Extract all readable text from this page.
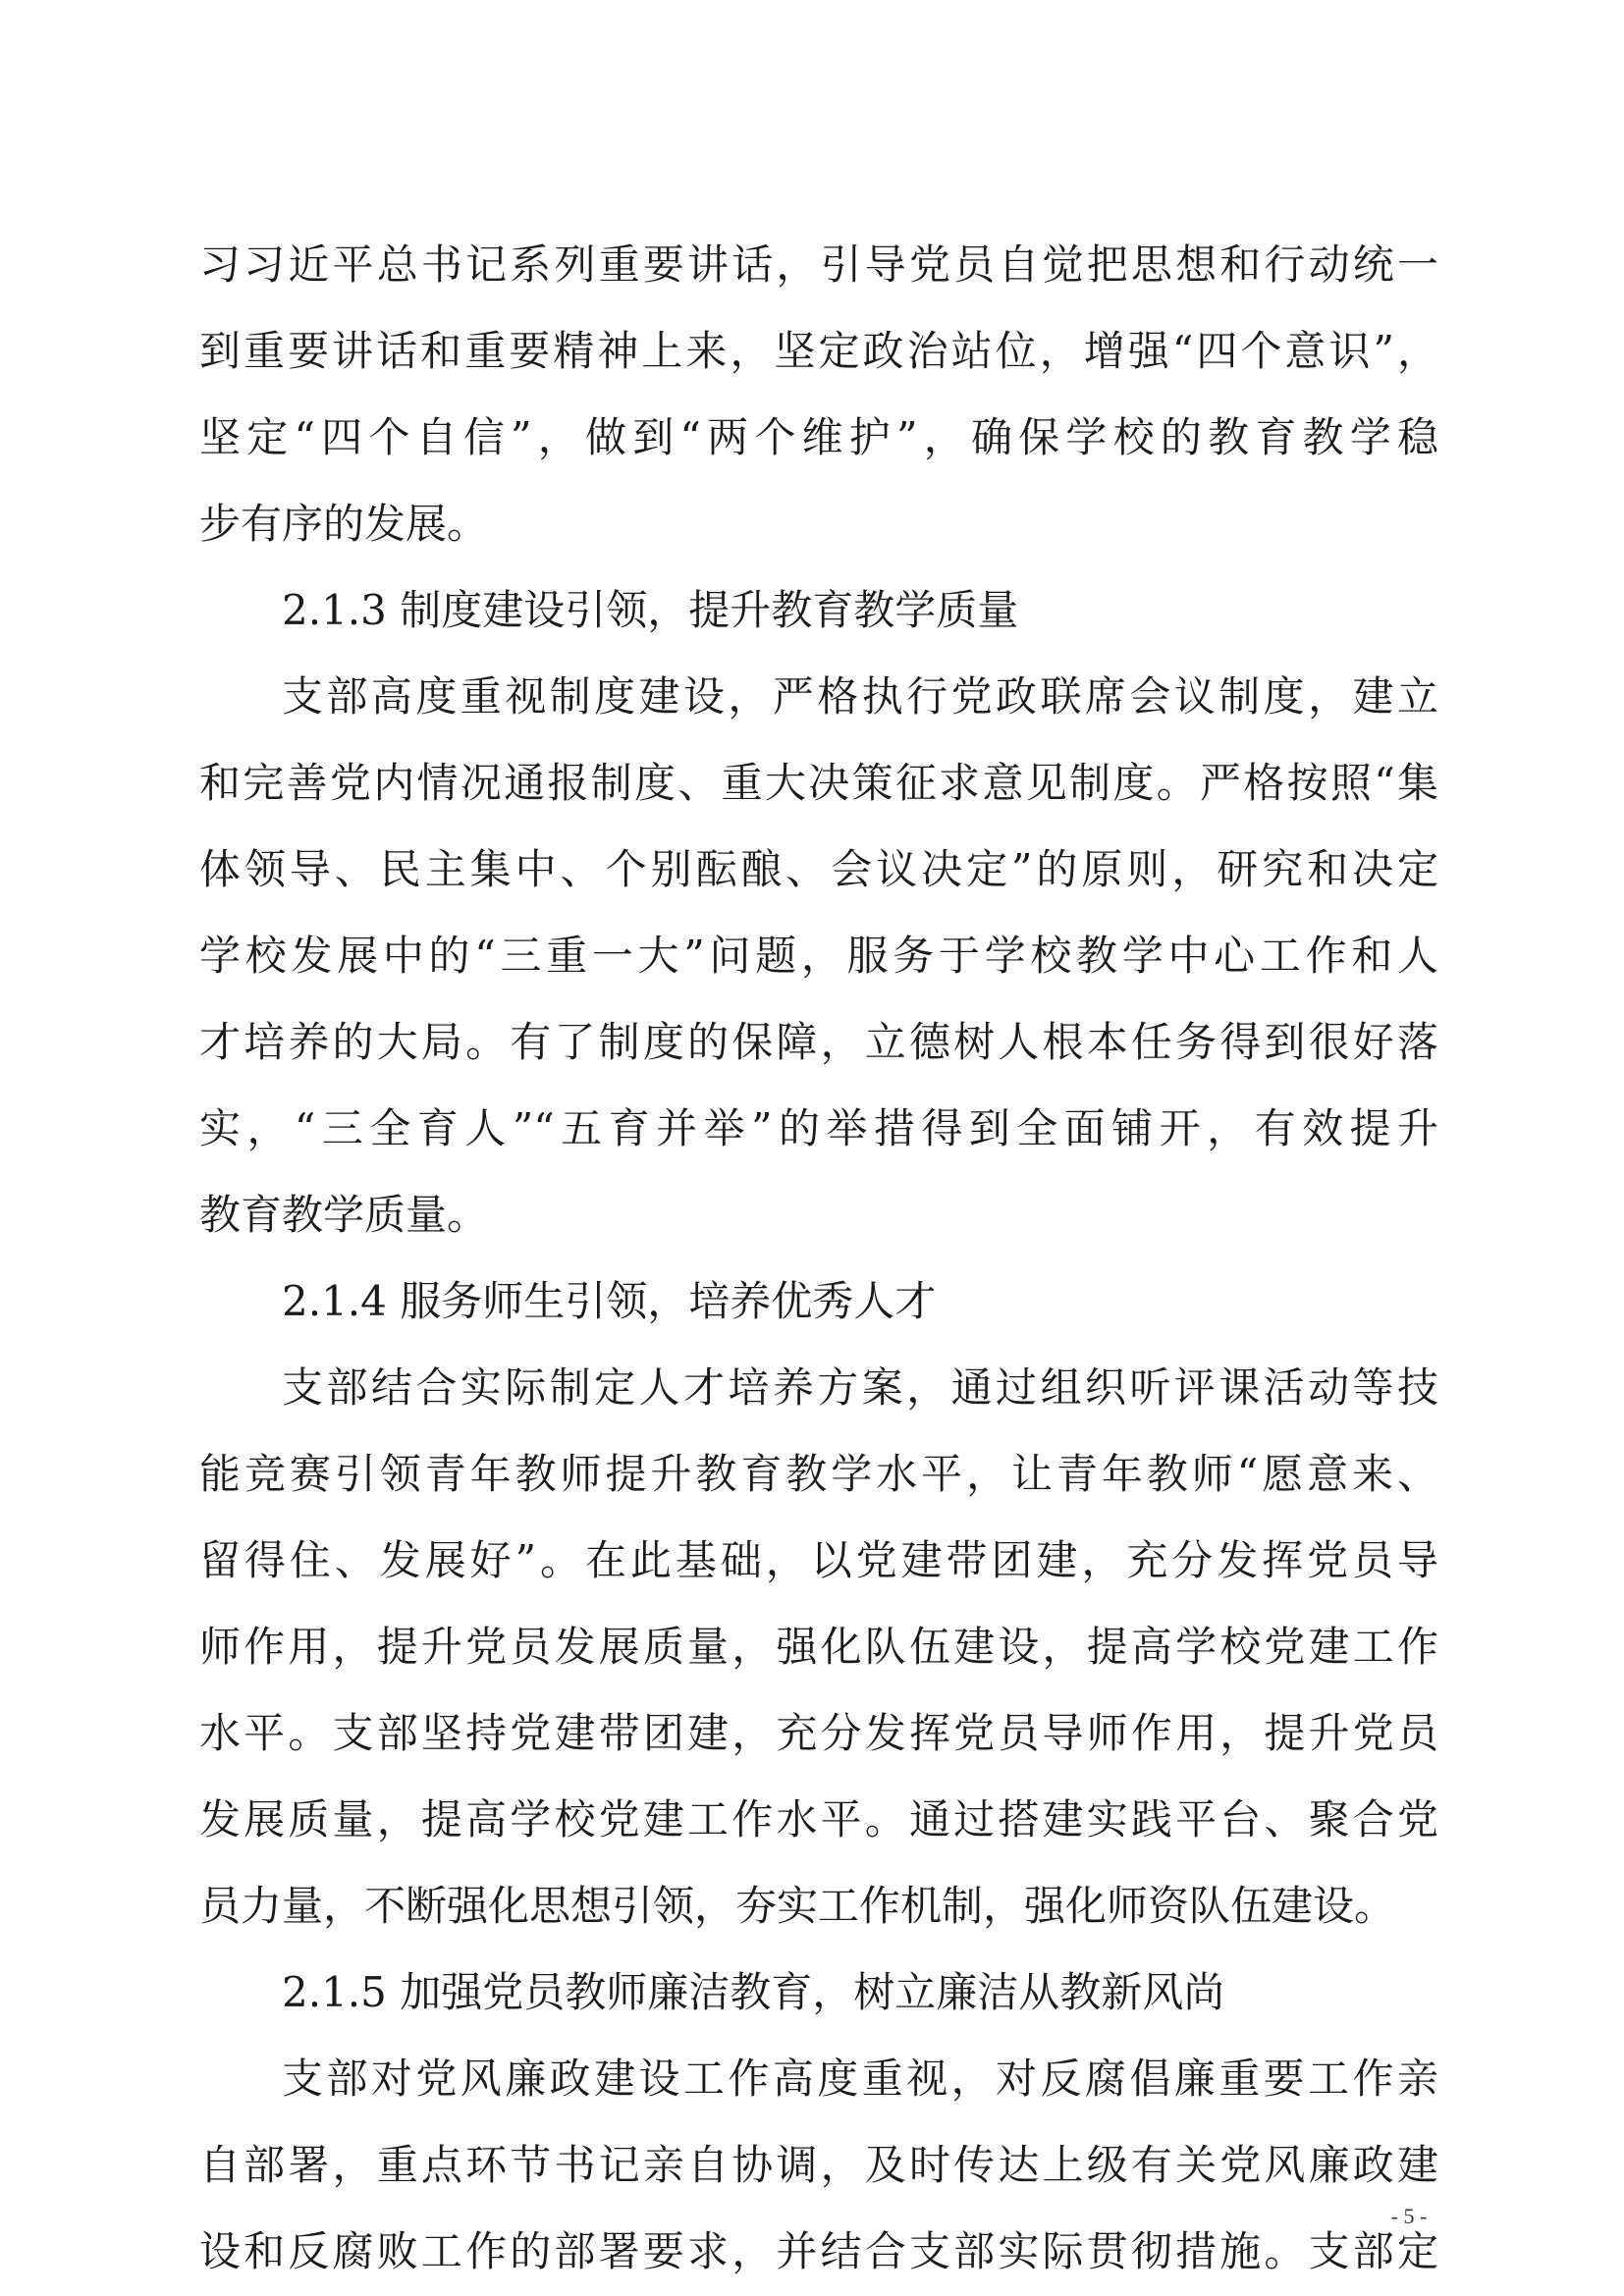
习习近平总书记系列重要讲话，引导党员自觉把思想和行动统一
到重要讲话和重要精神上来，坚定政治站位，增强“四个意识”，
坚定“四个自信”，做到“两个维护”，确保学校的教育教学稳
步有序的发展。
2.1.3 制度建设引领，提升教育教学质量
支部高度重视制度建设，严格执行党政联席会议制度，建立
和完善党内情况通报制度、重大决策征求意见制度。严格按照“集
体领导、民主集中、个别酝酿、会议决定”的原则，研究和决定
学校发展中的“三重一大”问题，服务于学校教学中心工作和人
才培养的大局。有了制度的保障，立德树人根本任务得到很好落
实，“三全育人”“五育并举”的举措得到全面铺开，有效提升
教育教学质量。
2.1.4 服务师生引领，培养优秀人才
支部结合实际制定人才培养方案，通过组织听评课活动等技
能竞赛引领青年教师提升教育教学水平，让青年教师“愿意来、
留得住、发展好”。在此基础，以党建带团建，充分发挥党员导
师作用，提升党员发展质量，强化队伍建设，提高学校党建工作
水平。支部坚持党建带团建，充分发挥党员导师作用，提升党员
发展质量，提高学校党建工作水平。通过搭建实践平台、聚合党
员力量，不断强化思想引领，夯实工作机制，强化师资队伍建设。
2.1.5 加强党员教师廉洁教育，树立廉洁从教新风尚
支部对党风廉政建设工作高度重视，对反腐倡廉重要工作亲
自部署，重点环节书记亲自协调，及时传达上级有关党风廉政建
设和反腐败工作的部署要求，并结合支部实际贯彻措施。支部定
- 5 -
